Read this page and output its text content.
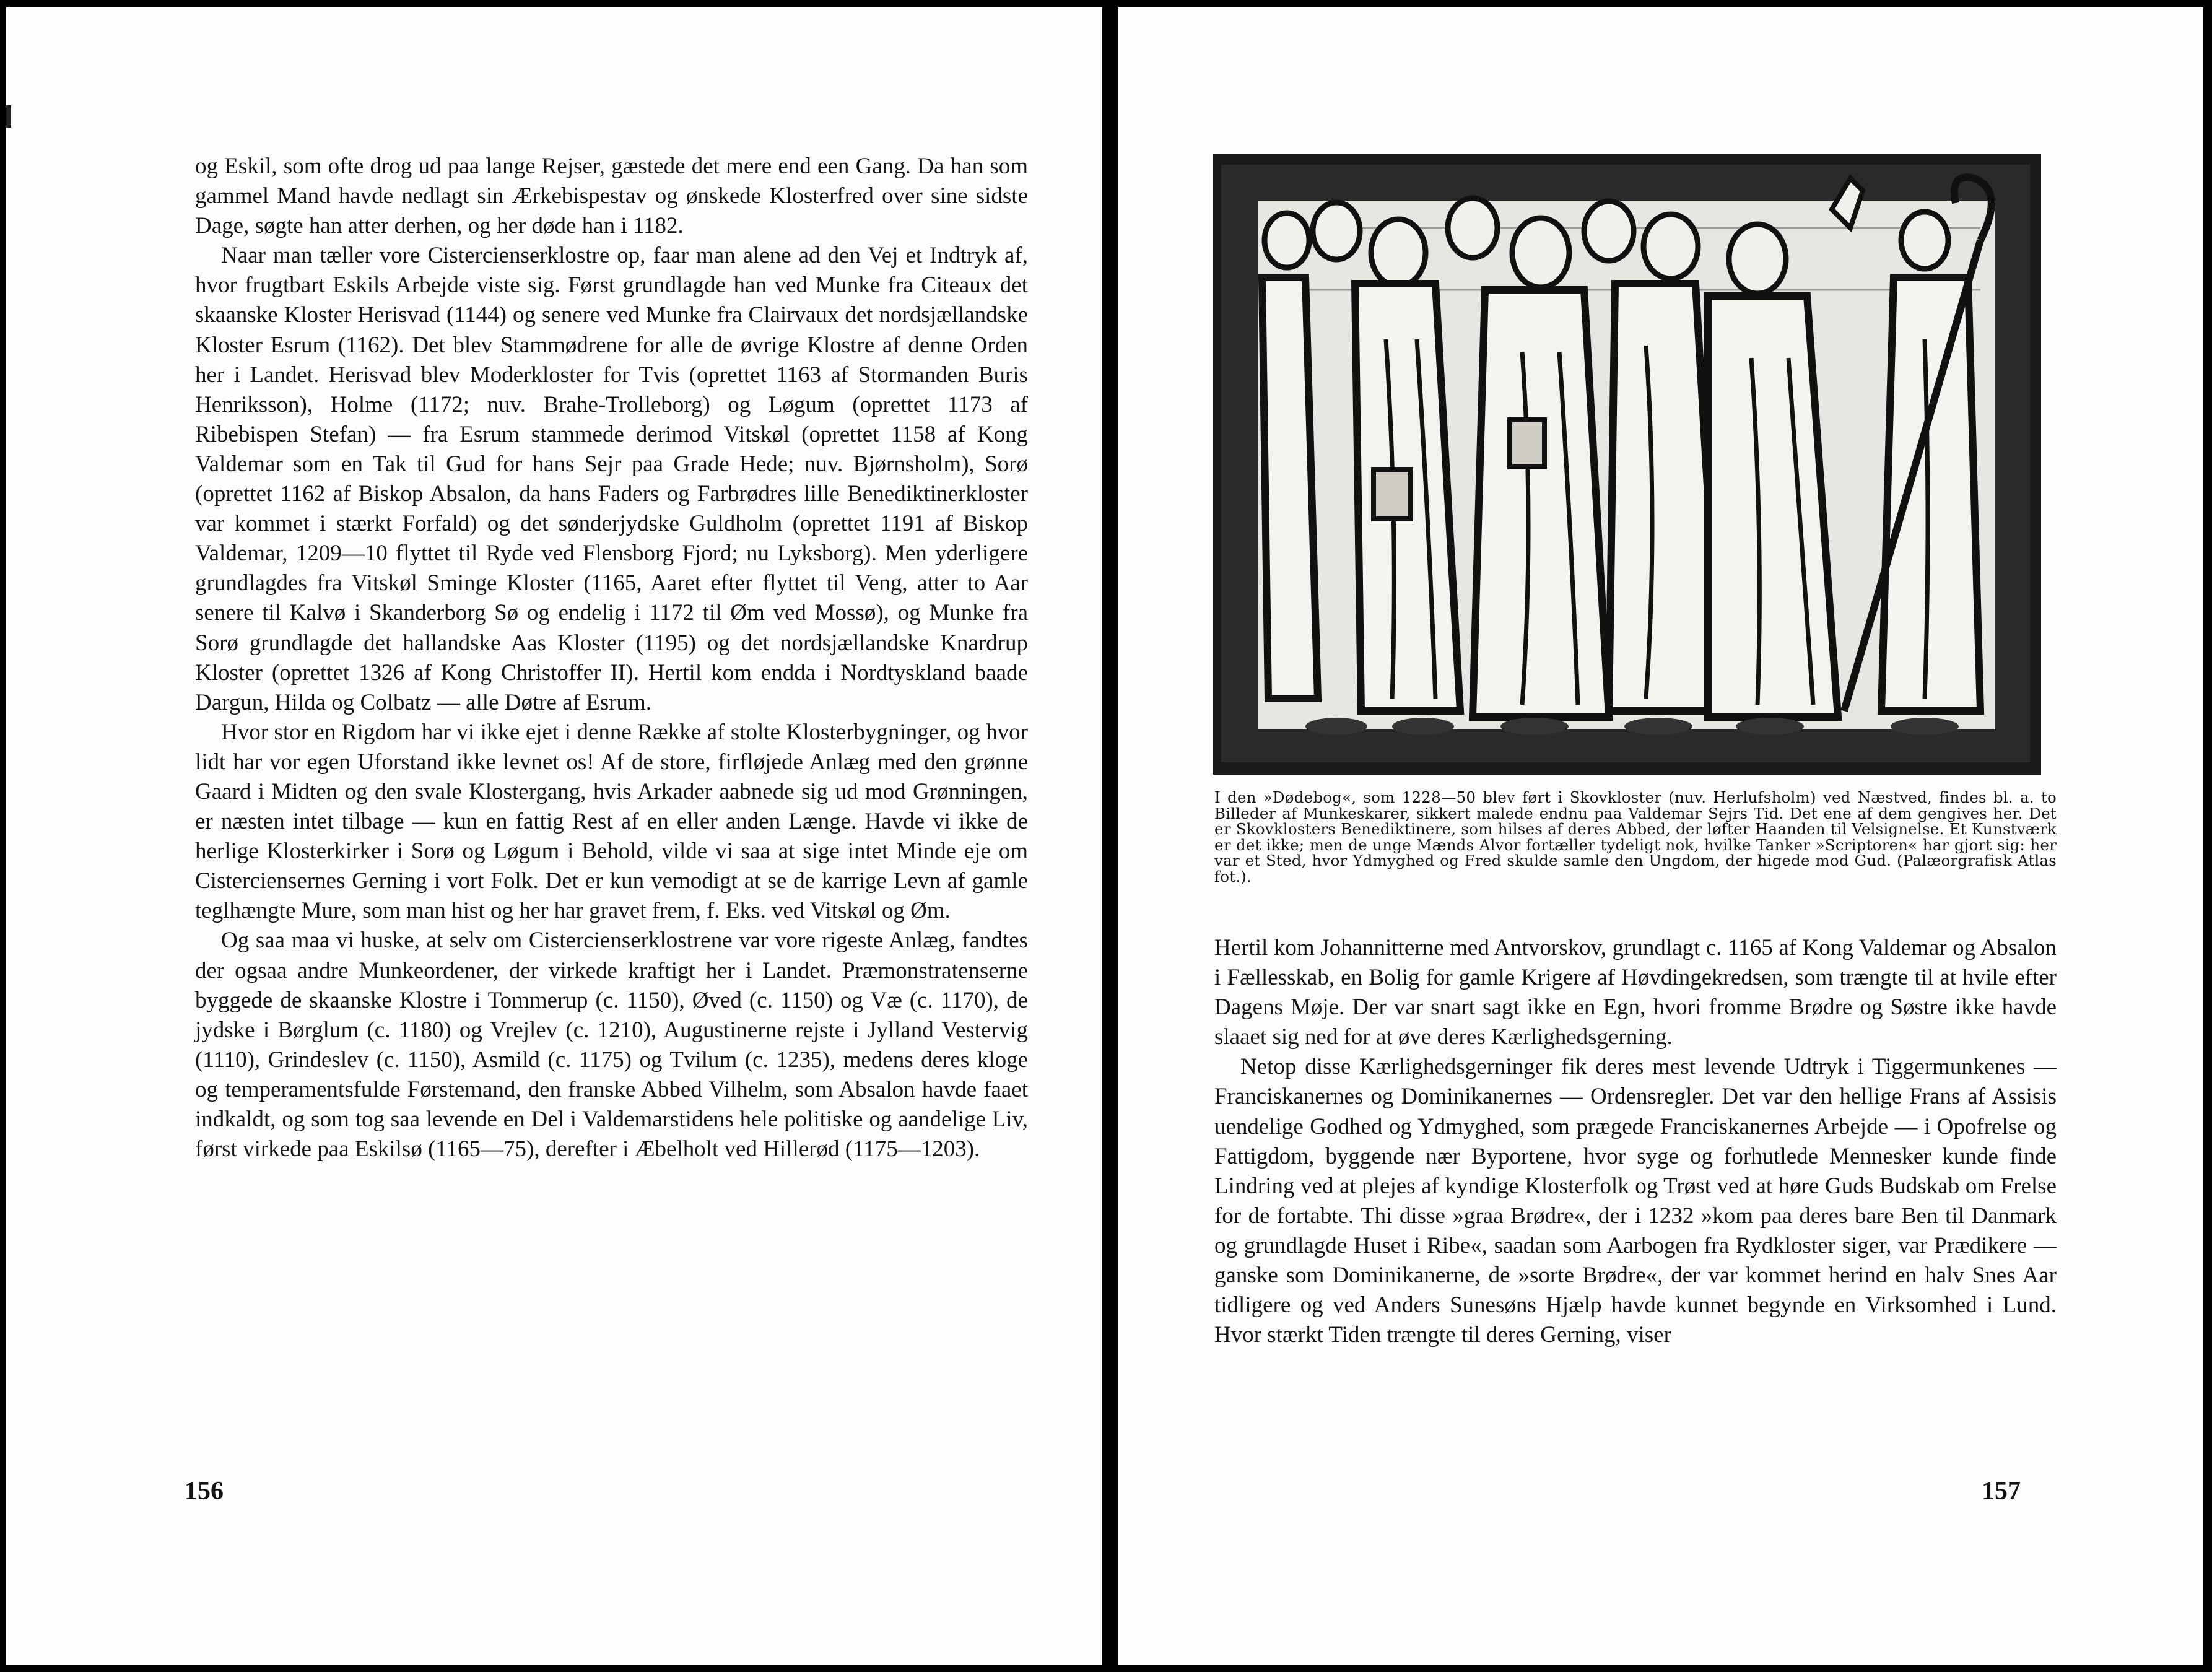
og Eskil, som ofte drog ud paa lange Rejser, gæstede det mere end een Gang. Da han som gammel Mand havde nedlagt sin Ærkebispestav og ønskede Klosterfred over sine sidste Dage, søgte han atter derhen, og her døde han i 1182.

Naar man tæller vore Cistercienserklostre op, faar man alene ad den Vej et Indtryk af, hvor frugtbart Eskils Arbejde viste sig. Først grundlagde han ved Munke fra Citeaux det skaanske Kloster Herisvad (1144) og senere ved Munke fra Clairvaux det nordsjællandske Kloster Esrum (1162). Det blev Stammødrene for alle de øvrige Klostre af denne Orden her i Landet. Herisvad blev Moderkloster for Tvis (oprettet 1163 af Stormanden Buris Henriksson), Holme (1172; nuv. Brahe-Trolleborg) og Løgum (oprettet 1173 af Ribebispen Stefan) — fra Esrum stammede derimod Vitskøl (oprettet 1158 af Kong Valdemar som en Tak til Gud for hans Sejr paa Grade Hede; nuv. Bjørnsholm), Sorø (oprettet 1162 af Biskop Absalon, da hans Faders og Farbrødres lille Benediktinerkloster var kommet i stærkt Forfald) og det sønderjydske Guldholm (oprettet 1191 af Biskop Valdemar, 1209—10 flyttet til Ryde ved Flensborg Fjord; nu Lyksborg). Men yderligere grundlagdes fra Vitskøl Sminge Kloster (1165, Aaret efter flyttet til Veng, atter to Aar senere til Kalvø i Skanderborg Sø og endelig i 1172 til Øm ved Mossø), og Munke fra Sorø grundlagde det hallandske Aas Kloster (1195) og det nordsjællandske Knardrup Kloster (oprettet 1326 af Kong Christoffer II). Hertil kom endda i Nordtyskland baade Dargun, Hilda og Colbatz — alle Døtre af Esrum.

Hvor stor en Rigdom har vi ikke ejet i denne Række af stolte Klosterbygninger, og hvor lidt har vor egen Uforstand ikke levnet os! Af de store, firfløjede Anlæg med den grønne Gaard i Midten og den svale Klostergang, hvis Arkader aabnede sig ud mod Grønningen, er næsten intet tilbage — kun en fattig Rest af en eller anden Længe. Havde vi ikke de herlige Klosterkirker i Sorø og Løgum i Behold, vilde vi saa at sige intet Minde eje om Cisterciensernes Gerning i vort Folk. Det er kun vemodigt at se de karrige Levn af gamle teglhængte Mure, som man hist og her har gravet frem, f. Eks. ved Vitskøl og Øm.

Og saa maa vi huske, at selv om Cistercienserklostrene var vore rigeste Anlæg, fandtes der ogsaa andre Munkeordener, der virkede kraftigt her i Landet. Præmonstratenserne byggede de skaanske Klostre i Tommerup (c. 1150), Øved (c. 1150) og Væ (c. 1170), de jydske i Børglum (c. 1180) og Vrejlev (c. 1210), Augustinerne rejste i Jylland Vestervig (1110), Grindeslev (c. 1150), Asmild (c. 1175) og Tvilum (c. 1235), medens deres kloge og temperamentsfulde Førstemand, den franske Abbed Vilhelm, som Absalon havde faaet indkaldt, og som tog saa levende en Del i Valdemarstidens hele politiske og aandelige Liv, først virkede paa Eskilsø (1165—75), derefter i Æbelholt ved Hillerød (1175—1203).

156
I den »Dødebog«, som 1228—50 blev ført i Skovkloster (nuv. Herlufsholm) ved Næstved, findes bl. a. to Billeder af Munkeskarer, sikkert malede endnu paa Valdemar Sejrs Tid. Det ene af dem gengives her. Det er Skovklosters Benediktinere, som hilses af deres Abbed, der løfter Haanden til Velsignelse. Et Kunstværk er det ikke; men de unge Mænds Alvor fortæller tydeligt nok, hvilke Tanker »Scriptoren« har gjort sig: her var et Sted, hvor Ydmyghed og Fred skulde samle den Ungdom, der higede mod Gud. (Palæorgrafisk Atlas fot.).

Hertil kom Johannitterne med Antvorskov, grundlagt c. 1165 af Kong Valdemar og Absalon i Fællesskab, en Bolig for gamle Krigere af Høvdingekredsen, som trængte til at hvile efter Dagens Møje. Der var snart sagt ikke en Egn, hvori fromme Brødre og Søstre ikke havde slaaet sig ned for at øve deres Kærlighedsgerning.

Netop disse Kærlighedsgerninger fik deres mest levende Udtryk i Tiggermunkenes — Franciskanernes og Dominikanernes — Ordensregler. Det var den hellige Frans af Assisis uendelige Godhed og Ydmyghed, som prægede Franciskanernes Arbejde — i Opofrelse og Fattigdom, byggende nær Byportene, hvor syge og forhutlede Mennesker kunde finde Lindring ved at plejes af kyndige Klosterfolk og Trøst ved at høre Guds Budskab om Frelse for de fortabte. Thi disse »graa Brødre«, der i 1232 »kom paa deres bare Ben til Danmark og grundlagde Huset i Ribe«, saadan som Aarbogen fra Rydkloster siger, var Prædikere — ganske som Dominikanerne, de »sorte Brødre«, der var kommet herind en halv Snes Aar tidligere og ved Anders Sunesøns Hjælp havde kunnet begynde en Virksomhed i Lund. Hvor stærkt Tiden trængte til deres Gerning, viser

157
